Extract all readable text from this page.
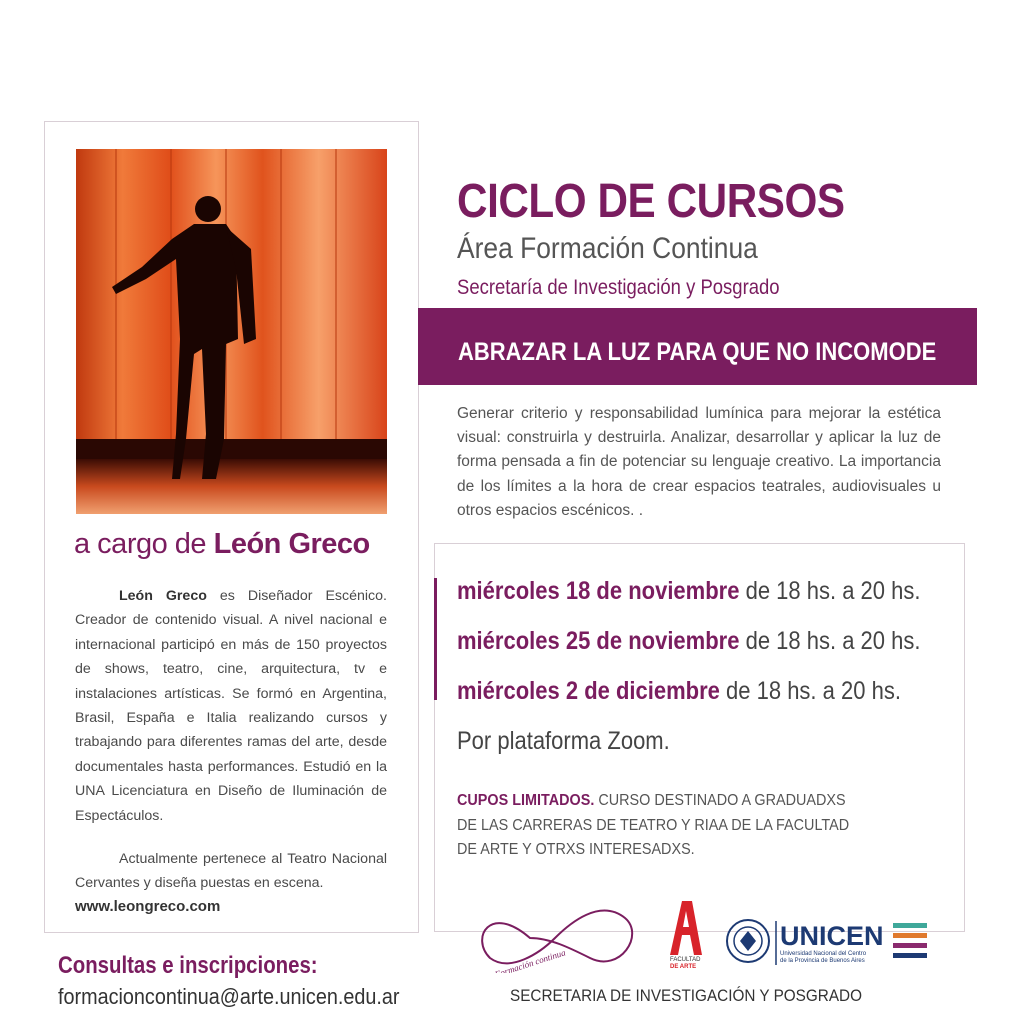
a cargo de León Greco

León Greco es Diseñador Escénico. Creador de contenido visual. A nivel nacional e internacional participó en más de 150 proyectos de shows, teatro, cine, arquitectura, tv e instalaciones artísticas. Se formó en Argentina, Brasil, España e Italia realizando cursos y trabajando para diferentes ramas del arte, desde documentales hasta performances. Estudió en la UNA Licenciatura en Diseño de Iluminación de Espectáculos.

Actualmente pertenece al Teatro Nacional Cervantes y diseña puestas en escena.
www.leongreco.com
CICLO DE CURSOS
Área Formación Continua
Secretaría de Investigación y Posgrado
ABRAZAR LA LUZ PARA QUE NO INCOMODE
Generar criterio y responsabilidad lumínica para mejorar la estética visual: construirla y destruirla. Analizar, desarrollar y aplicar la luz de forma pensada a fin de potenciar su lenguaje creativo. La importancia de los límites a la hora de crear espacios teatrales, audiovisuales u otros espacios escénicos. .
miércoles 18 de noviembre de 18 hs. a 20 hs.
miércoles 25 de noviembre de 18 hs. a 20 hs.
miércoles 2 de diciembre de 18 hs. a 20 hs.
Por plataforma Zoom.
CUPOS LIMITADOS. CURSO DESTINADO A GRADUADXS
DE LAS CARRERAS DE TEATRO Y RIAA DE LA FACULTAD
DE ARTE Y OTRXS INTERESADXS.
Consultas e inscripciones:
formacioncontinua@arte.unicen.edu.ar
Formación continua	FACULTAD
DE ARTE
UNICEN
Universidad Nacional del Centro
de la Provincia de Buenos Aires
SECRETARIA DE INVESTIGACIÓN Y POSGRADO
